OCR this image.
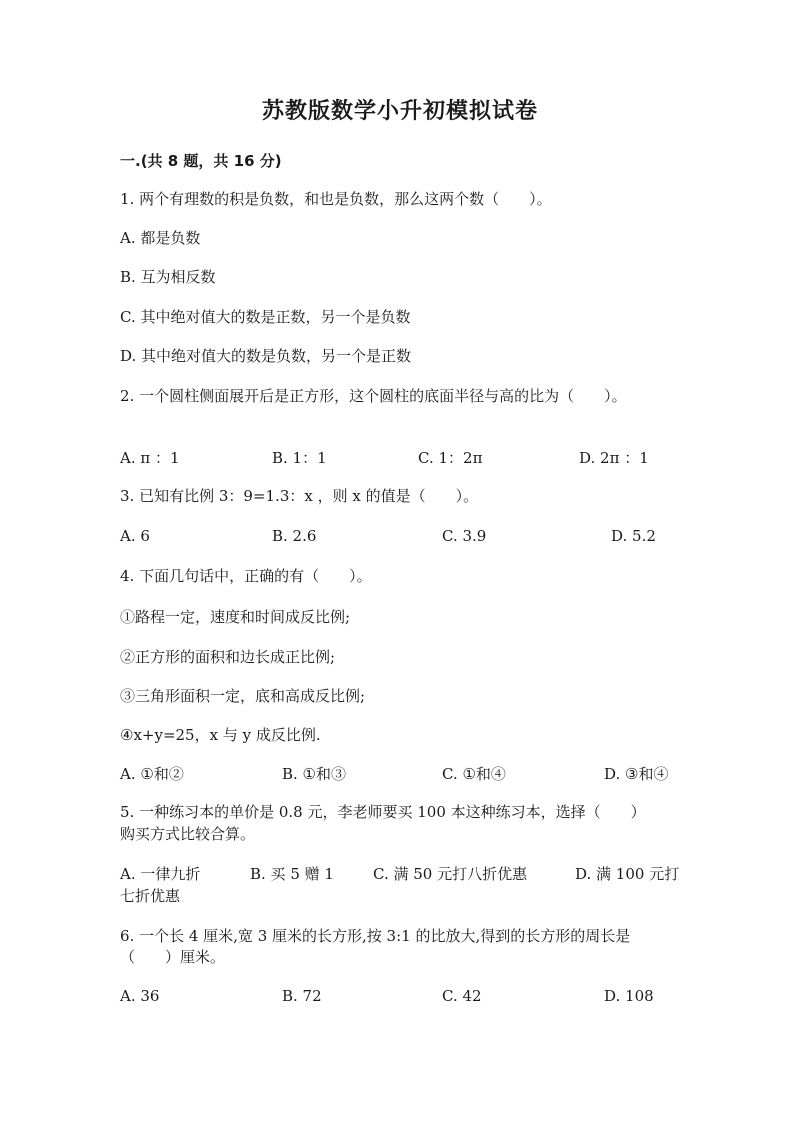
苏教版数学小升初模拟试卷
一.(共 8 题，共 16 分)
1. 两个有理数的积是负数，和也是负数，那么这两个数（　　）。
A. 都是负数
B. 互为相反数
C. 其中绝对值大的数是正数，另一个是负数
D. 其中绝对值大的数是负数，另一个是正数
2. 一个圆柱侧面展开后是正方形，这个圆柱的底面半径与高的比为（　　）。
A. π ：1	B. 1：1	C. 1：2π	D. 2π ：1
3. 已知有比例 3：9=1.3：x ，则 x 的值是（　　）。
A. 6	B. 2.6	C. 3.9	D. 5.2
4. 下面几句话中，正确的有（　　）。
①路程一定，速度和时间成反比例;
②正方形的面积和边长成正比例;
③三角形面积一定，底和高成反比例;
④x+y=25，x 与 y 成反比例.
A. ①和②	B. ①和③	C. ①和④	D. ③和④
5. 一种练习本的单价是 0.8 元，李老师要买 100 本这种练习本，选择（　　）
购买方式比较合算。
A. 一律九折	B. 买 5 赠 1	C. 满 50 元打八折优惠	D. 满 100 元打
七折优惠
6. 一个长 4 厘米,宽 3 厘米的长方形,按 3:1 的比放大,得到的长方形的周长是
（　　）厘米。
A. 36	B. 72	C. 42	D. 108
